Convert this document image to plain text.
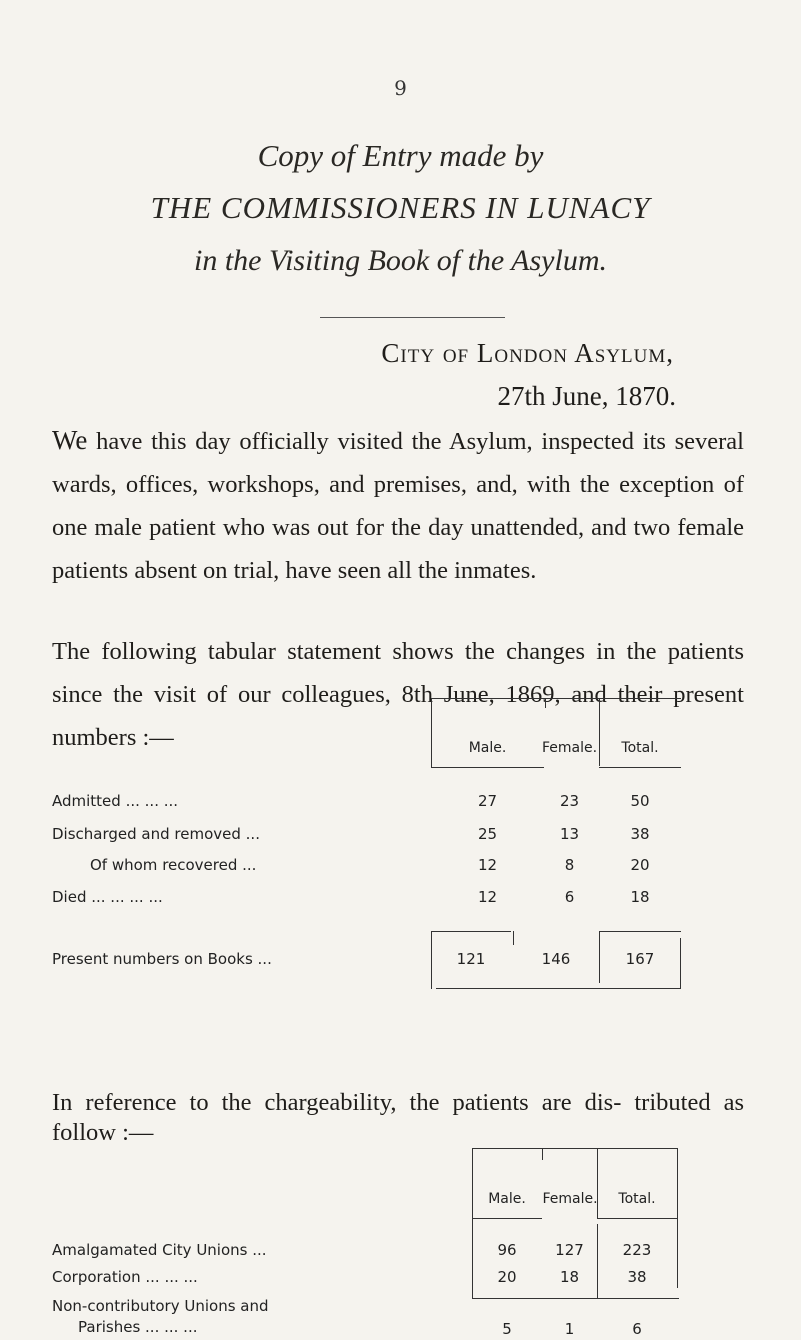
9
Copy of Entry made by
THE COMMISSIONERS IN LUNACY
in the Visiting Book of the Asylum.
City of London Asylum,
27th June, 1870.
We have this day officially visited the Asylum, inspected its several wards, offices, workshops, and premises, and, with the exception of one male patient who was out for the day unattended, and two female patients absent on trial, have seen all the inmates.
The following tabular statement shows the changes in the patients since the visit of our colleagues, 8th June, 1869, and their present numbers :—	Male.	Female.	Total.
Admitted ... ... ...	27	23	50
Discharged and removed ...	25	13	38
Of whom recovered ...	12	8	20
Died ... ... ... ...	12	6	18
Present numbers on Books ...	121	146	167
In reference to the chargeability, the patients are dis- tributed as follow :—
Male.	Female.	Total.
Amalgamated City Unions ...	96	127	223
Corporation ... ... ...	20	18	38
Non-contributory Unions and
Parishes ... ... ...	5	1	6
